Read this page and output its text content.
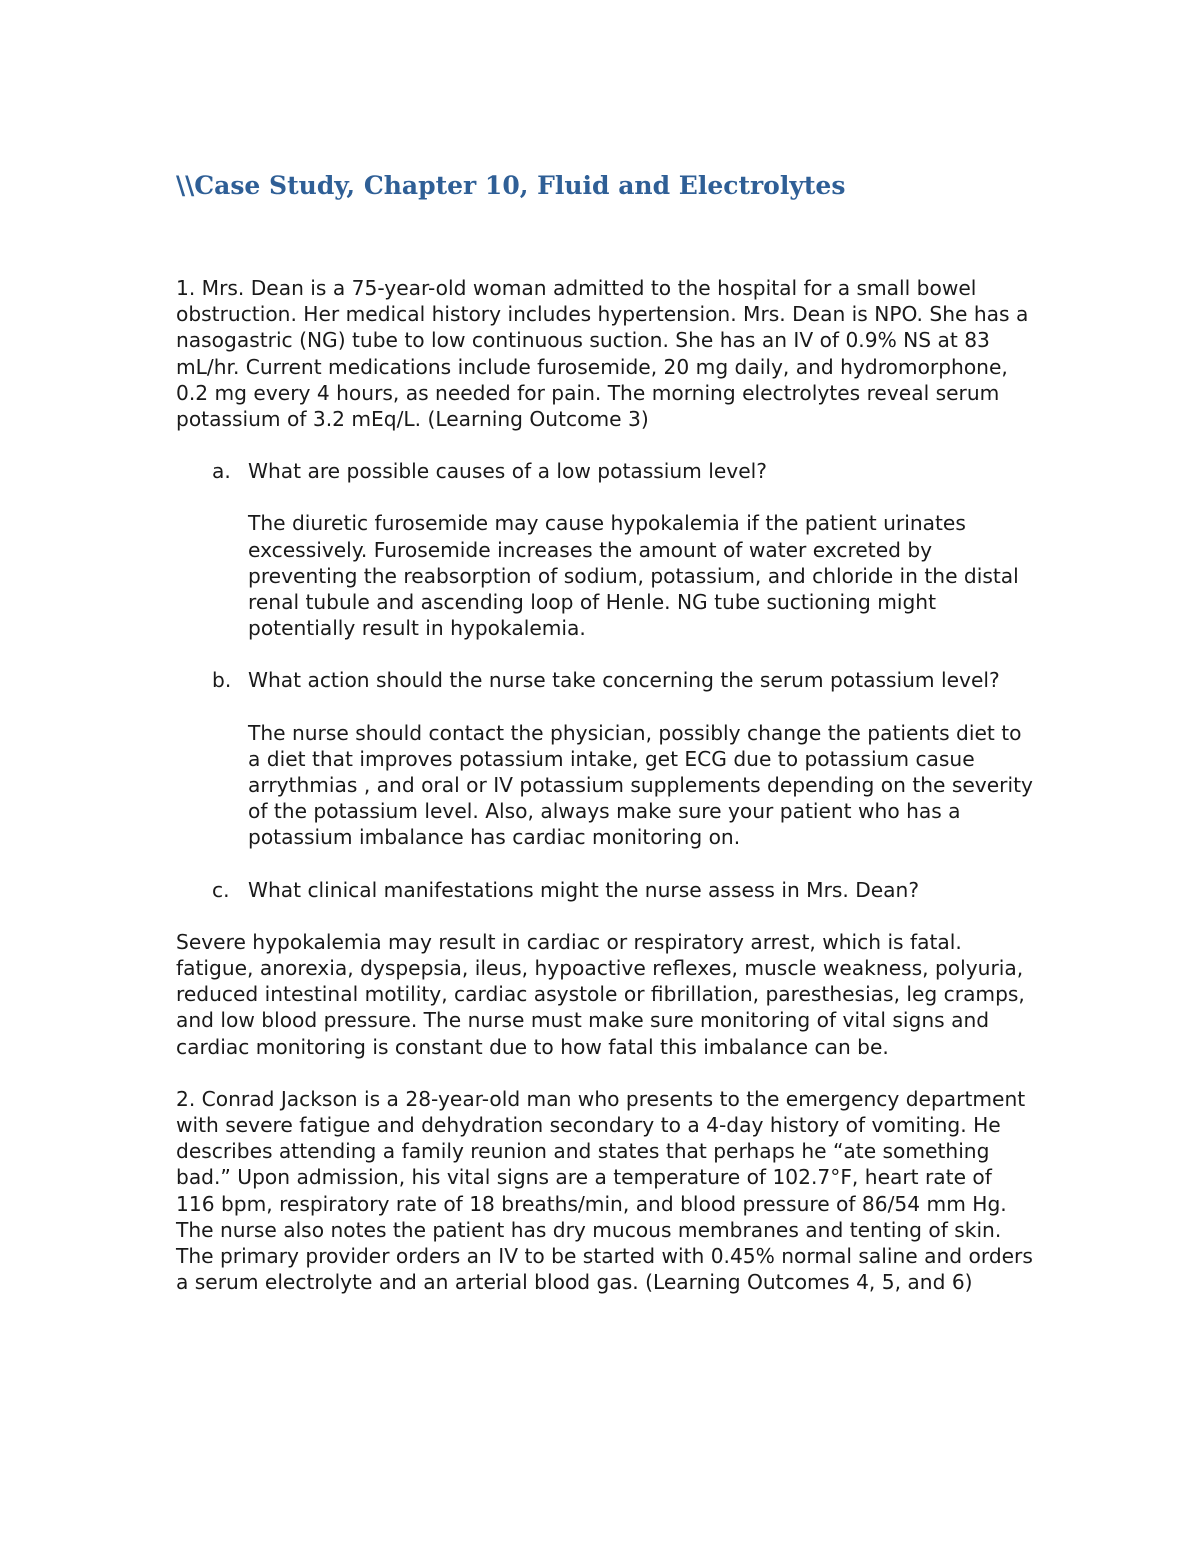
\\Case Study, Chapter 10, Fluid and Electrolytes

1. Mrs. Dean is a 75-year-old woman admitted to the hospital for a small bowel obstruction. Her medical history includes hypertension. Mrs. Dean is NPO. She has a nasogastric (NG) tube to low continuous suction. She has an IV of 0.9% NS at 83 mL/hr. Current medications include furosemide, 20 mg daily, and hydromorphone, 0.2 mg every 4 hours, as needed for pain. The morning electrolytes reveal serum potassium of 3.2 mEq/L. (Learning Outcome 3)

a. What are possible causes of a low potassium level?

The diuretic furosemide may cause hypokalemia if the patient urinates excessively. Furosemide increases the amount of water excreted by preventing the reabsorption of sodium, potassium, and chloride in the distal renal tubule and ascending loop of Henle. NG tube suctioning might potentially result in hypokalemia.

b. What action should the nurse take concerning the serum potassium level?

The nurse should contact the physician, possibly change the patients diet to a diet that improves potassium intake, get ECG due to potassium casue arrythmias , and oral or IV potassium supplements depending on the severity of the potassium level. Also, always make sure your patient who has a potassium imbalance has cardiac monitoring on.

c. What clinical manifestations might the nurse assess in Mrs. Dean?

Severe hypokalemia may result in cardiac or respiratory arrest, which is fatal. fatigue, anorexia, dyspepsia, ileus, hypoactive reflexes, muscle weakness, polyuria, reduced intestinal motility, cardiac asystole or fibrillation, paresthesias, leg cramps, and low blood pressure. The nurse must make sure monitoring of vital signs and cardiac monitoring is constant due to how fatal this imbalance can be.

2. Conrad Jackson is a 28-year-old man who presents to the emergency department with severe fatigue and dehydration secondary to a 4-day history of vomiting. He describes attending a family reunion and states that perhaps he “ate something bad.” Upon admission, his vital signs are a temperature of 102.7°F, heart rate of 116 bpm, respiratory rate of 18 breaths/min, and blood pressure of 86/54 mm Hg. The nurse also notes the patient has dry mucous membranes and tenting of skin. The primary provider orders an IV to be started with 0.45% normal saline and orders a serum electrolyte and an arterial blood gas. (Learning Outcomes 4, 5, and 6)
